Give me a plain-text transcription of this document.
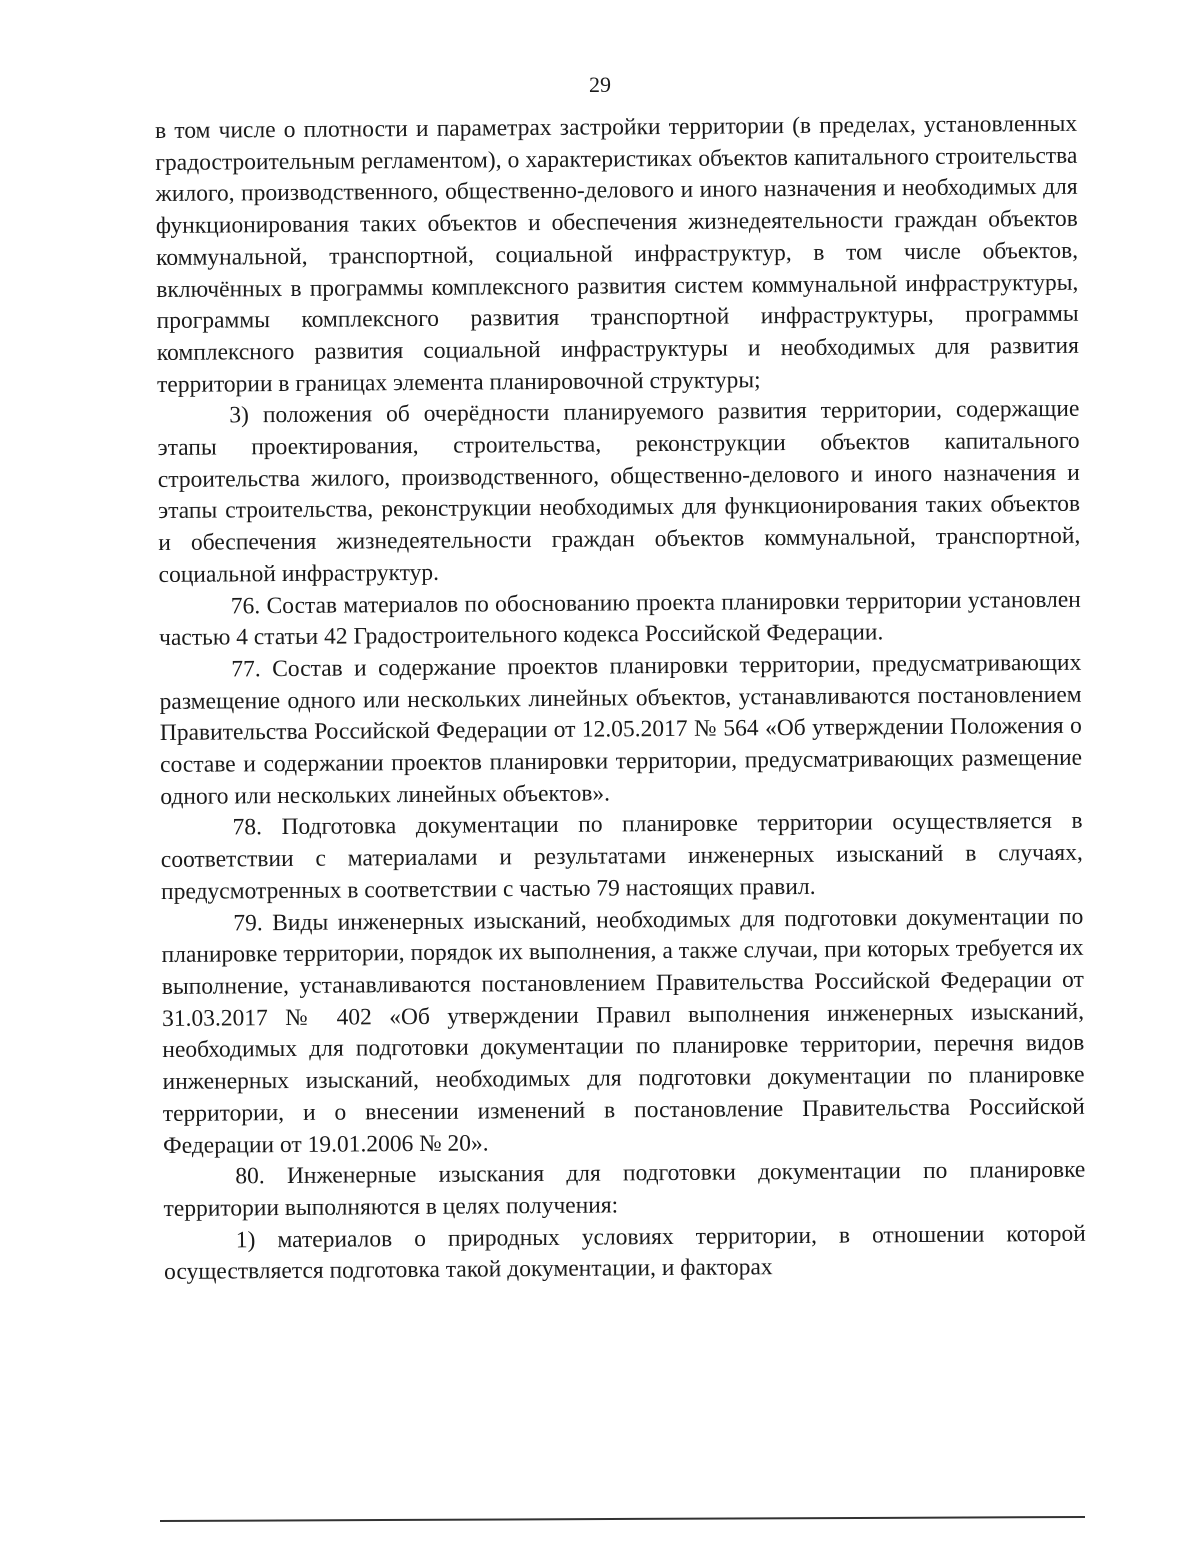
29

в том числе о плотности и параметрах застройки территории (в пределах, установленных градостроительным регламентом), о характеристиках объектов капитального строительства жилого, производственного, общественно-делового и иного назначения и необходимых для функционирования таких объектов и обеспечения жизнедеятельности граждан объектов коммунальной, транспортной, социальной инфраструктур, в том числе объектов, включённых в программы комплексного развития систем коммунальной инфраструктуры, программы комплексного развития транспортной инфраструктуры, программы комплексного развития социальной инфраструктуры и необходимых для развития территории в границах элемента планировочной структуры;

3) положения об очерёдности планируемого развития территории, содержащие этапы проектирования, строительства, реконструкции объектов капитального строительства жилого, производственного, общественно-делового и иного назначения и этапы строительства, реконструкции необходимых для функционирования таких объектов и обеспечения жизнедеятельности граждан объектов коммунальной, транспортной, социальной инфраструктур.

76. Состав материалов по обоснованию проекта планировки территории установлен частью 4 статьи 42 Градостроительного кодекса Российской Федерации.

77. Состав и содержание проектов планировки территории, предусматривающих размещение одного или нескольких линейных объектов, устанавливаются постановлением Правительства Российской Федерации от 12.05.2017 № 564 «Об утверждении Положения о составе и содержании проектов планировки территории, предусматривающих размещение одного или нескольких линейных объектов».

78. Подготовка документации по планировке территории осуществляется в соответствии с материалами и результатами инженерных изысканий в случаях, предусмотренных в соответствии с частью 79 настоящих правил.

79. Виды инженерных изысканий, необходимых для подготовки документации по планировке территории, порядок их выполнения, а также случаи, при которых требуется их выполнение, устанавливаются постановлением Правительства Российской Федерации от 31.03.2017 № 402 «Об утверждении Правил выполнения инженерных изысканий, необходимых для подготовки документации по планировке территории, перечня видов инженерных изысканий, необходимых для подготовки документации по планировке территории, и о внесении изменений в постановление Правительства Российской Федерации от 19.01.2006 № 20».

80. Инженерные изыскания для подготовки документации по планировке территории выполняются в целях получения:

1) материалов о природных условиях территории, в отношении которой осуществляется подготовка такой документации, и факторах
